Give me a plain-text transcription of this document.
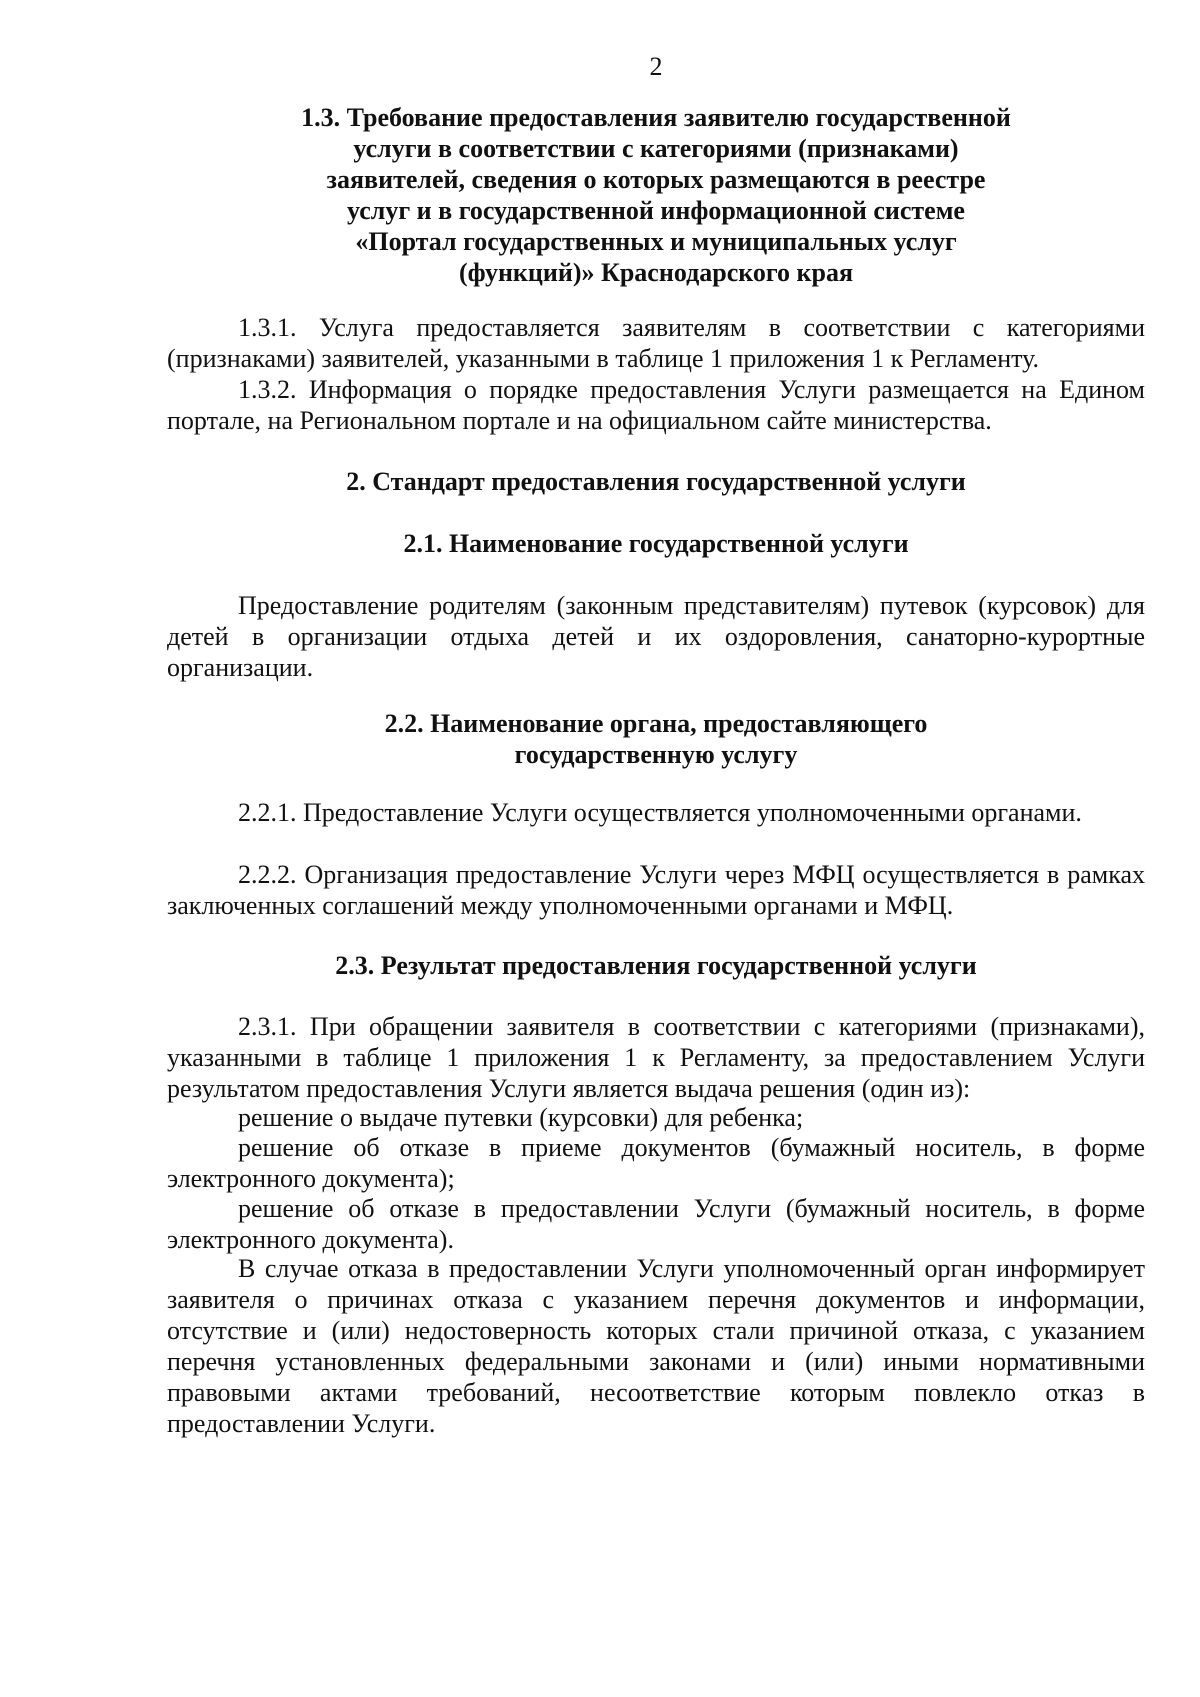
2
1.3. Требование предоставления заявителю государственной
услуги в соответствии с категориями (признаками)
заявителей, сведения о которых размещаются в реестре
услуг и в государственной информационной системе
«Портал государственных и муниципальных услуг
(функций)» Краснодарского края

1.3.1. Услуга предоставляется заявителям в соответствии с категориями (признаками) заявителей, указанными в таблице 1 приложения 1 к Регламенту.

1.3.2. Информация о порядке предоставления Услуги размещается на Едином портале, на Региональном портале и на официальном сайте министерства.

2. Стандарт предоставления государственной услуги
2.1. Наименование государственной услуги

Предоставление родителям (законным представителям) путевок (курсовок) для детей в организации отдыха детей и их оздоровления, санаторно-курортные организации.

2.2. Наименование органа, предоставляющего
государственную услугу

2.2.1. Предоставление Услуги осуществляется уполномоченными органами.

2.2.2. Организация предоставление Услуги через МФЦ осуществляется в рамках заключенных соглашений между уполномоченными органами и МФЦ.

2.3. Результат предоставления государственной услуги

2.3.1. При обращении заявителя в соответствии с категориями (признаками), указанными в таблице 1 приложения 1 к Регламенту, за предоставлением Услуги результатом предоставления Услуги является выдача решения (один из):

решение о выдаче путевки (курсовки) для ребенка;

решение об отказе в приеме документов (бумажный носитель, в форме электронного документа);

решение об отказе в предоставлении Услуги (бумажный носитель, в форме электронного документа).

В случае отказа в предоставлении Услуги уполномоченный орган информирует заявителя о причинах отказа с указанием перечня документов и информации, отсутствие и (или) недостоверность которых стали причиной отказа, с указанием перечня установленных федеральными законами и (или) иными нормативными правовыми актами требований, несоответствие которым повлекло отказ в предоставлении Услуги.
